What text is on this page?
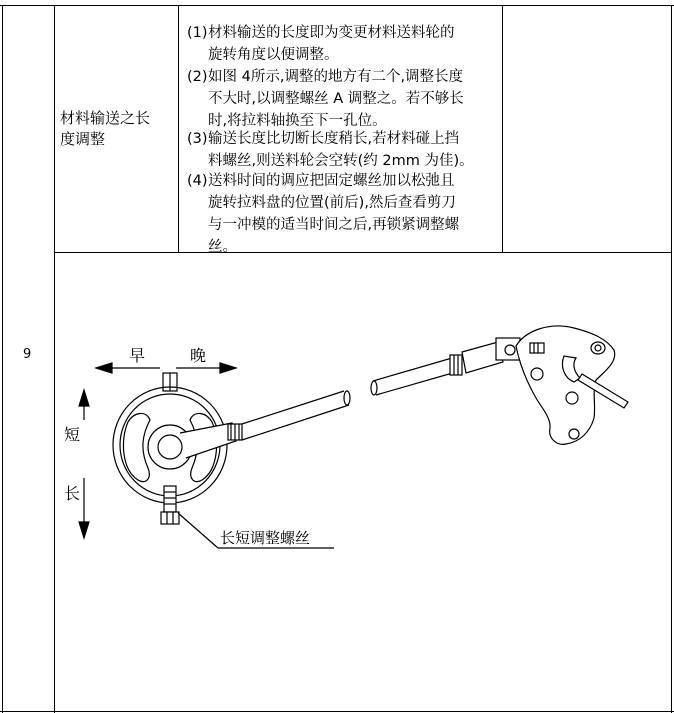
9
材料输送之长
度调整
(1)材料输送的长度即为变更材料送料轮的
旋转角度以便调整。
(2)如图 4所示,调整的地方有二个,调整长度
不大时,以调整螺丝 A 调整之。若不够长
时,将拉料轴换至下一孔位。
(3)输送长度比切断长度稍长,若材料碰上挡
料螺丝,则送料轮会空转(约 2mm 为佳)。
(4)送料时间的调应把固定螺丝加以松弛且
旋转拉料盘的位置(前后),然后查看剪刀
与一冲模的适当时间之后,再锁紧调整螺
丝。
早	晚
短
长
长短调整螺丝
